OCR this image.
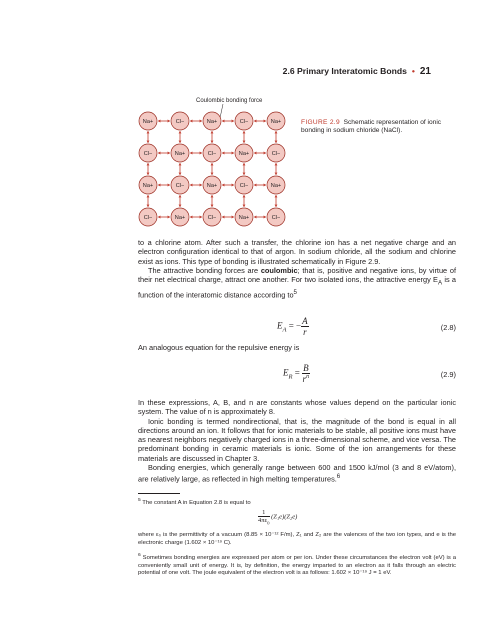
2.6 Primary Interatomic Bonds • 21
Coulombic bonding force
Na+	Cl−	Na+	Cl−	Na+
Cl−	Na+	Cl−	Na+	Cl−
Na+	Cl−	Na+	Cl−	Na+
Cl−	Na+	Cl−	Na+	Cl−
FIGURE 2.9 Schematic representation of ionic bonding in sodium chloride (NaCl).

to a chlorine atom. After such a transfer, the chlorine ion has a net negative charge and an electron configuration identical to that of argon. In sodium chloride, all the sodium and chlorine exist as ions. This type of bonding is illustrated schematically in Figure 2.9.

The attractive bonding forces are coulombic; that is, positive and negative ions, by virtue of their net electrical charge, attract one another. For two isolated ions, the attractive energy $E_A$ is a function of the interatomic distance according $to^5$

$E_A$ = − $\frac{A}{r}$	(2.8)

An analogous equation for the repulsive energy is

$E_R = \frac{B}{r^n}$	(2.9)

In these expressions, A, B, and n are constants whose values depend on the particular ionic system. The value of n is approximately 8.

Ionic bonding is termed nondirectional, that is, the magnitude of the bond is equal in all directions around an ion. It follows that for ionic materials to be stable, all positive ions must have as nearest neighbors negatively charged ions in a three-dimensional scheme, and vice versa. The predominant bonding in ceramic materials is ionic. Some of the ion arrangements for these materials are discussed in Chapter 3.

Bonding energies, which generally range between 600 and 1500 kJ/mol (3 and 8 eV/atom), are relatively large, as reflected in high melting temperatures.$^6$

$^5$ The constant A in Equation 2.8 is equal to

$\frac{1}{4\pi\varepsilon_0} (Z_1e)(Z_2e)$

where ε₀ is the permittivity of a vacuum (8.85 × 10⁻¹² F/m), Z₁ and Z₂ are the valences of the two ion types, and e is the electronic charge (1.602 × 10⁻¹⁹ C).

$^6$ Sometimes bonding energies are expressed per atom or per ion. Under these circumstances the electron volt (eV) is a conveniently small unit of energy. It is, by definition, the energy imparted to an electron as it falls through an electric potential of one volt. The joule equivalent of the electron volt is as follows: 1.602 × 10⁻¹⁹ J = 1 eV.
